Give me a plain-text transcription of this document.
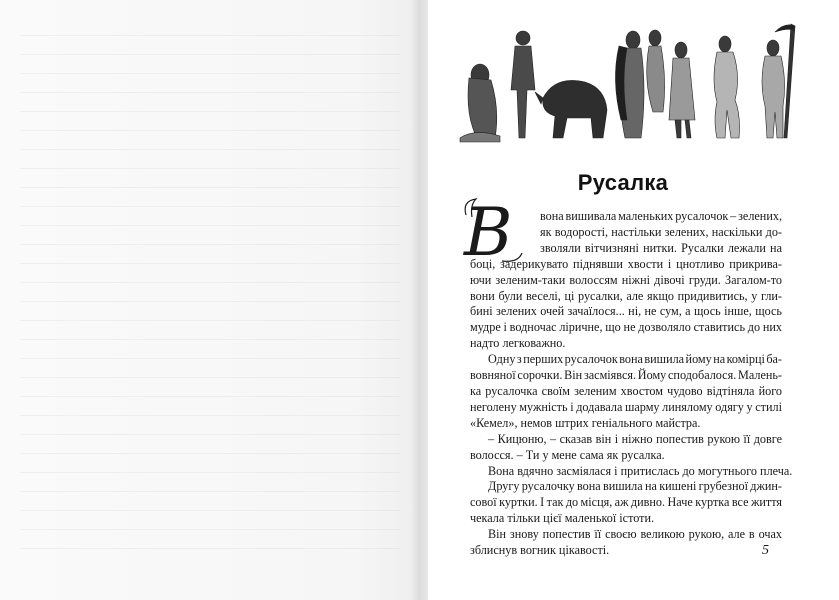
Русалка
В	вона вишивала маленьких русалочок – зелених,
як водорості, настільки зелених, наскільки до-
зволяли вітчизняні нитки. Русалки лежали на
боці, задерикувато піднявши хвости і цнотливо прикрива-
ючи зеленим-таки волоссям ніжні дівочі груди. Загалом-то
вони були веселі, ці русалки, але якщо придивитись, у гли-
бині зелених очей зачаїлося... ні, не сум, а щось інше, щось
мудре і водночас ліричне, що не дозволяло ставитись до них
надто легковажно.
Одну з перших русалочок вона вишила йому на комірці ба-
вовняної сорочки. Він засміявся. Йому сподобалося. Малень-
ка русалочка своїм зеленим хвостом чудово відтіняла його
неголену мужність і додавала шарму линялому одягу у стилі
«Кемел», немов штрих геніального майстра.
– Кицюню, – сказав він і ніжно попестив рукою її довге
волосся. – Ти у мене сама як русалка.
Вона вдячно засміялася і притислась до могутнього плеча.
Другу русалочку вона вишила на кишені грубезної джин-
сової куртки. І так до місця, аж дивно. Наче куртка все життя
чекала тільки цієї маленької істоти.
Він знову попестив її своєю великою рукою, але в очах
зблиснув вогник цікавості.	5
